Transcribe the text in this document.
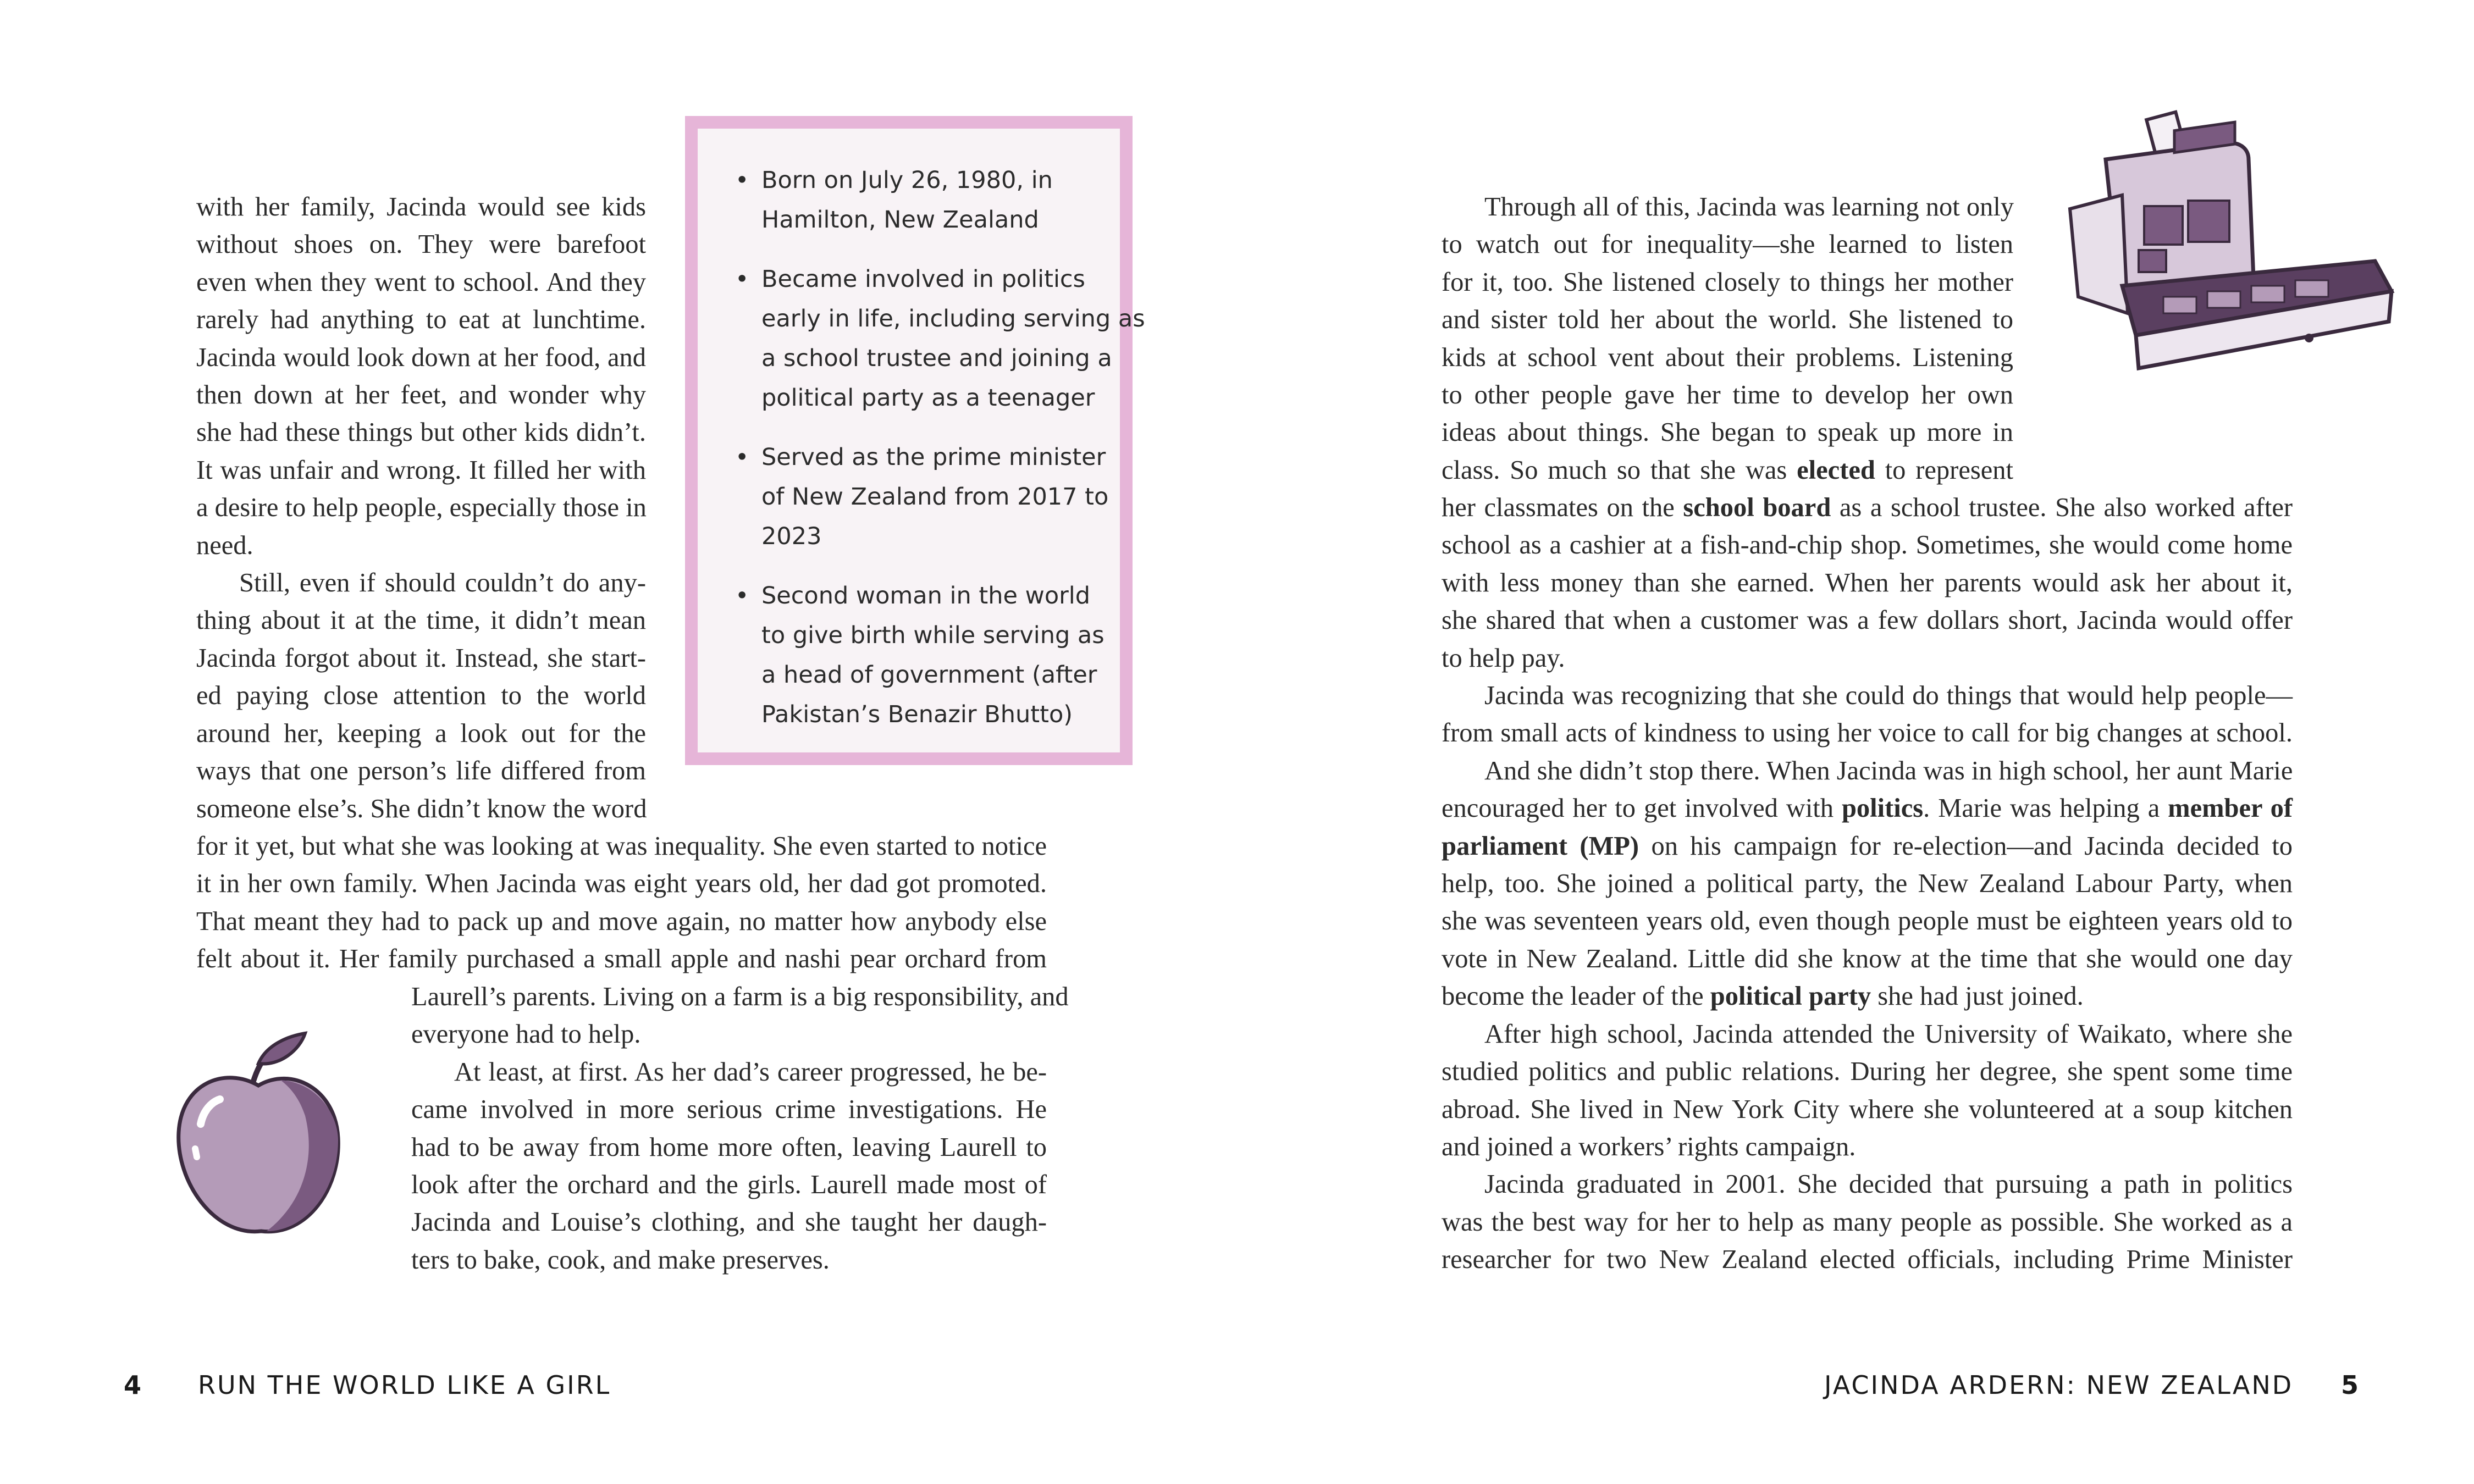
with her family, Jacinda would see kids
without shoes on. They were barefoot
even when they went to school. And they
rarely had anything to eat at lunchtime.
Jacinda would look down at her food, and
then down at her feet, and wonder why
she had these things but other kids didn’t.
It was unfair and wrong. It filled her with
a desire to help people, especially those in
need.
Still, even if should couldn’t do any-
thing about it at the time, it didn’t mean
Jacinda forgot about it. Instead, she start-
ed paying close attention to the world
around her, keeping a look out for the
ways that one person’s life differed from
someone else’s. She didn’t know the word
for it yet, but what she was looking at was inequality. She even started to notice
it in her own family. When Jacinda was eight years old, her dad got promoted.
That meant they had to pack up and move again, no matter how anybody else
felt about it. Her family purchased a small apple and nashi pear orchard from
Laurell’s parents. Living on a farm is a big responsibility, and
everyone had to help.
At least, at first. As her dad’s career progressed, he be-
came involved in more serious crime investigations. He
had to be away from home more often, leaving Laurell to
look after the orchard and the girls. Laurell made most of
Jacinda and Louise’s clothing, and she taught her daugh-
ters to bake, cook, and make preserves.
• Born on July 26, 1980, in
Hamilton, New Zealand
• Became involved in politics
early in life, including serving as
a school trustee and joining a
political party as a teenager
• Served as the prime minister
of New Zealand from 2017 to
2023
• Second woman in the world
to give birth while serving as
a head of government (after
Pakistan’s Benazir Bhutto)
Through all of this, Jacinda was learning not only
to watch out for inequality—she learned to listen
for it, too. She listened closely to things her mother
and sister told her about the world. She listened to
kids at school vent about their problems. Listening
to other people gave her time to develop her own
ideas about things. She began to speak up more in
class. So much so that she was elected to represent
her classmates on the school board as a school trustee. She also worked after
school as a cashier at a fish-and-chip shop. Sometimes, she would come home
with less money than she earned. When her parents would ask her about it,
she shared that when a customer was a few dollars short, Jacinda would offer
to help pay.
Jacinda was recognizing that she could do things that would help people—
from small acts of kindness to using her voice to call for big changes at school.
And she didn’t stop there. When Jacinda was in high school, her aunt Marie
encouraged her to get involved with politics. Marie was helping a member of
parliament (MP) on his campaign for re-election—and Jacinda decided to
help, too. She joined a political party, the New Zealand Labour Party, when
she was seventeen years old, even though people must be eighteen years old to
vote in New Zealand. Little did she know at the time that she would one day
become the leader of the political party she had just joined.
After high school, Jacinda attended the University of Waikato, where she
studied politics and public relations. During her degree, she spent some time
abroad. She lived in New York City where she volunteered at a soup kitchen
and joined a workers’ rights campaign.
Jacinda graduated in 2001. She decided that pursuing a path in politics
was the best way for her to help as many people as possible. She worked as a
researcher for two New Zealand elected officials, including Prime Minister
4 RUN THE WORLD LIKE A GIRL	JACINDA ARDERN: NEW ZEALAND 5
